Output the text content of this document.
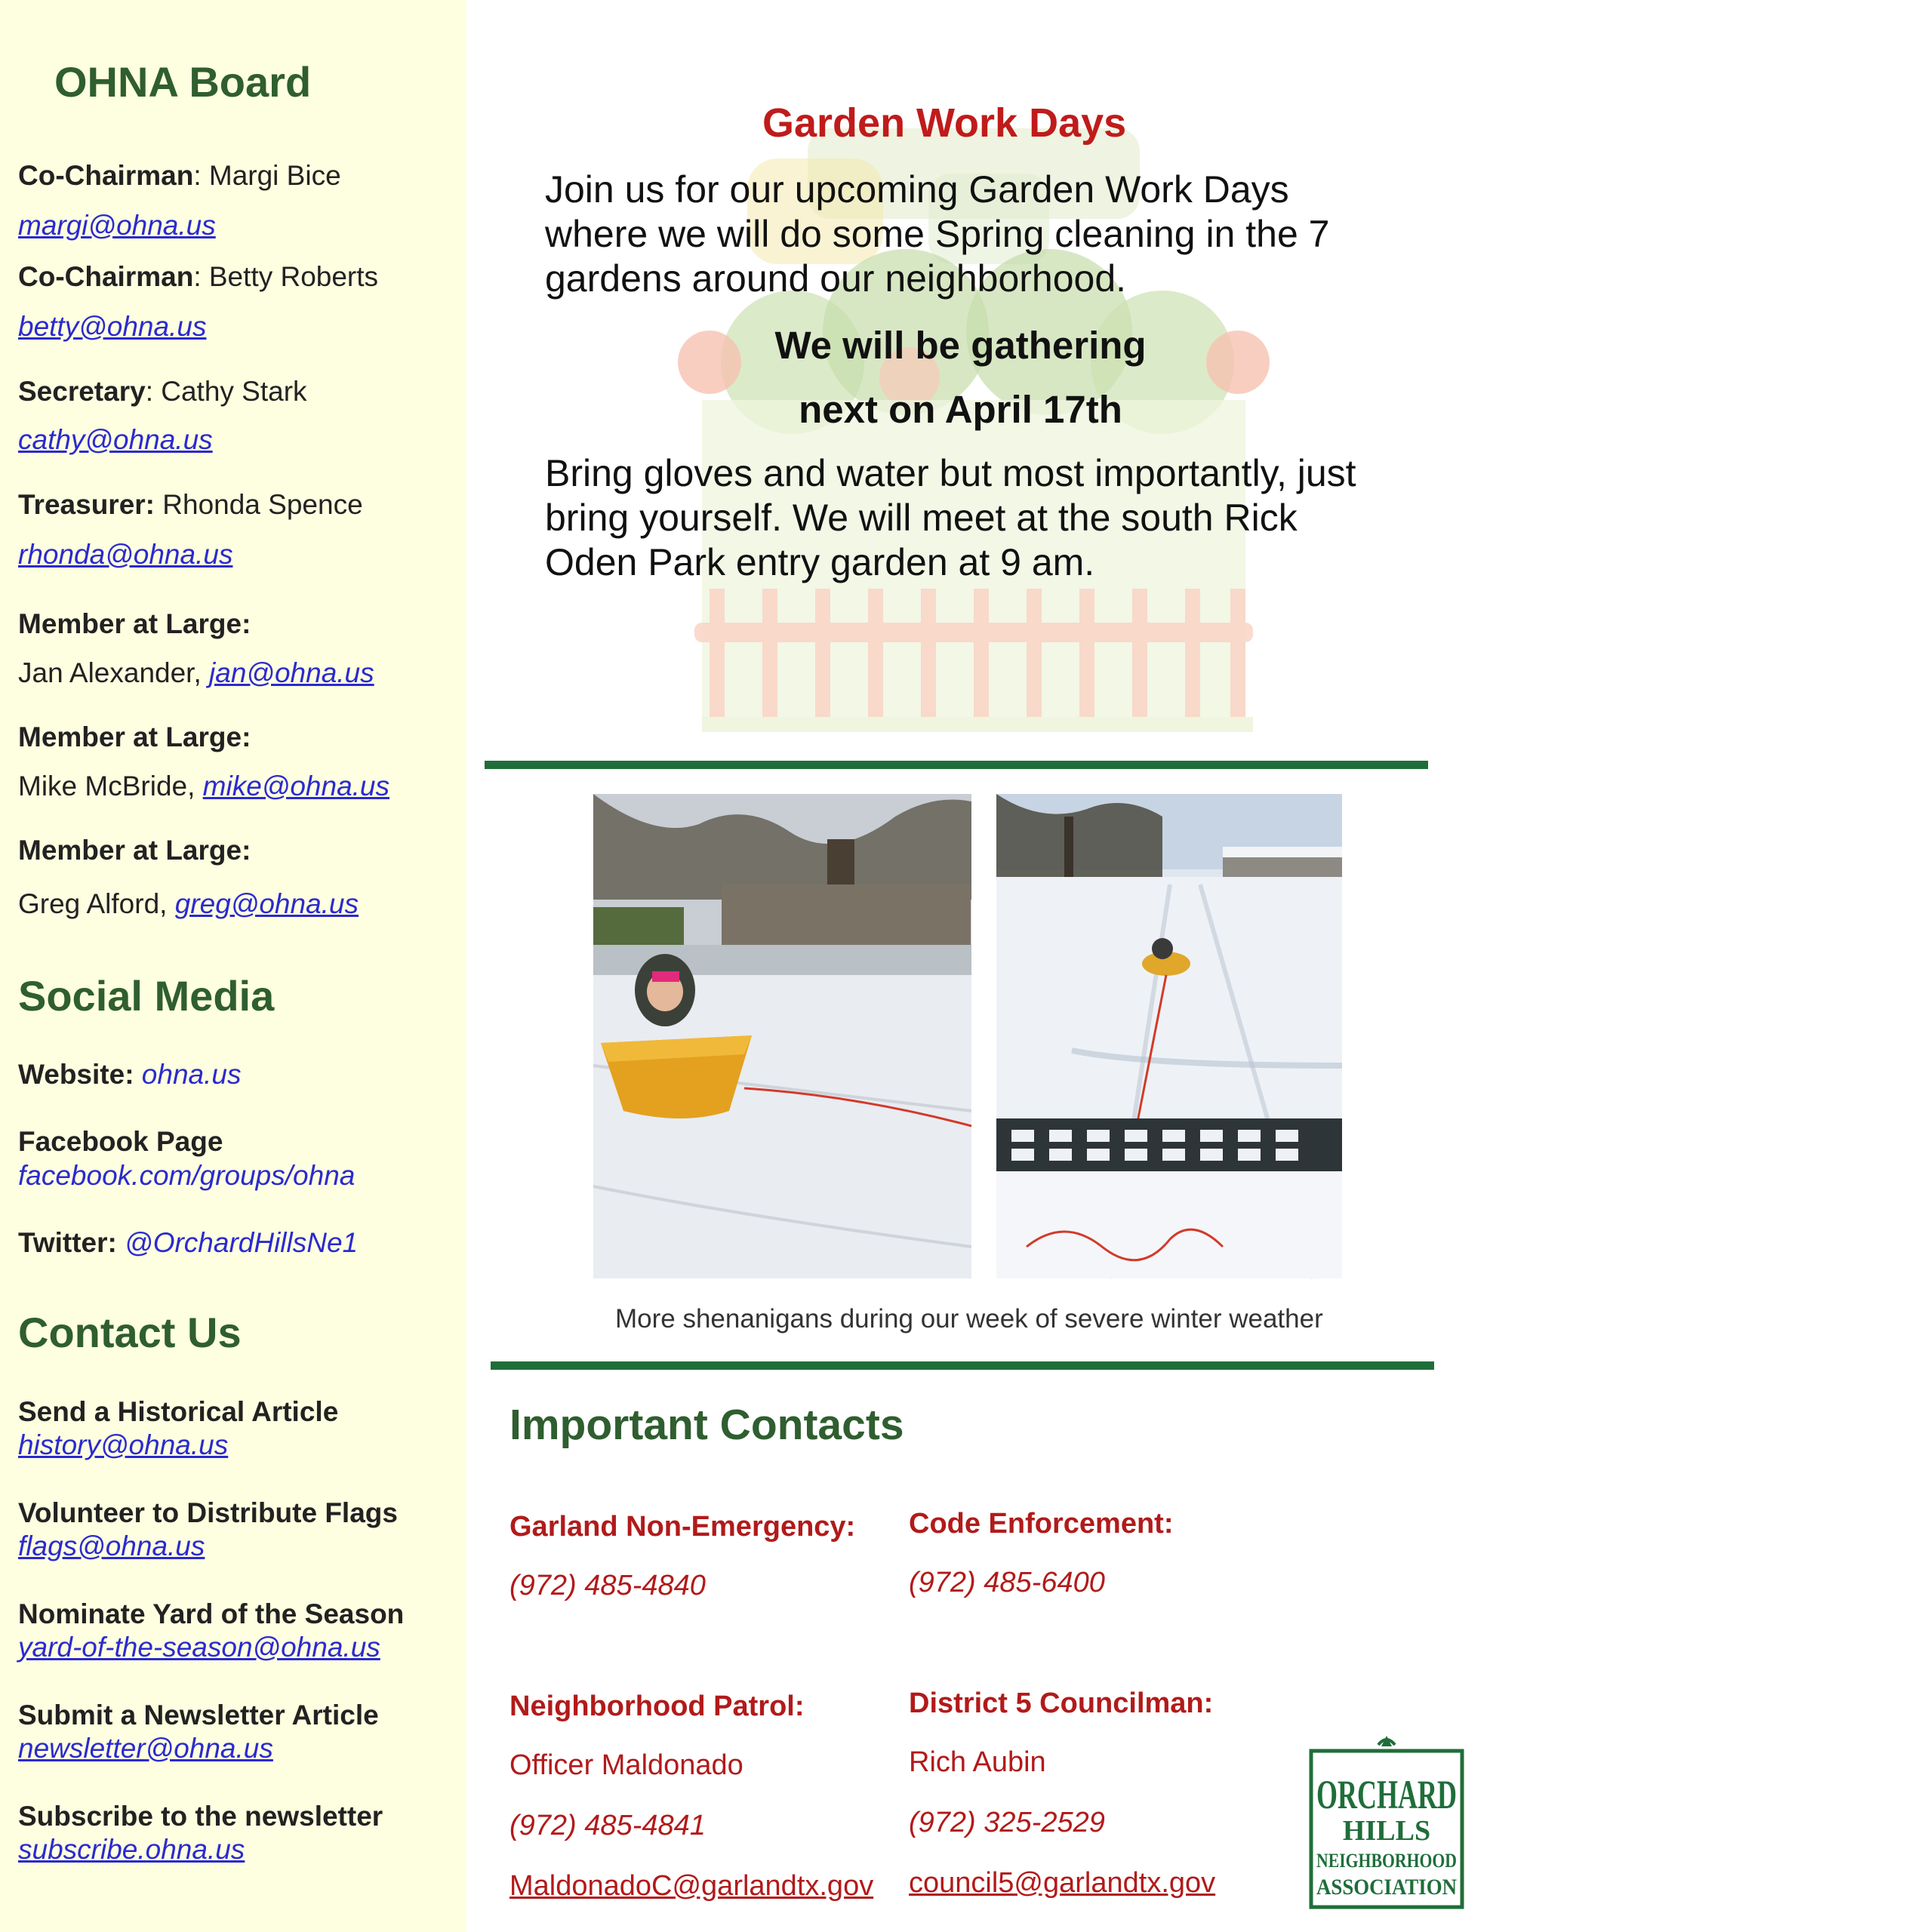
OHNA Board
Co-Chairman: Margi Bice
margi@ohna.us
Co-Chairman: Betty Roberts
betty@ohna.us
Secretary: Cathy Stark
cathy@ohna.us
Treasurer: Rhonda Spence
rhonda@ohna.us
Member at Large:
Jan Alexander, jan@ohna.us
Member at Large:
Mike McBride, mike@ohna.us
Member at Large:
Greg Alford, greg@ohna.us
Social Media
Website: ohna.us
Facebook Page
facebook.com/groups/ohna
Twitter: @OrchardHillsNe1
Contact Us
Send a Historical Article
history@ohna.us
Volunteer to Distribute Flags
flags@ohna.us
Nominate Yard of the Season
yard-of-the-season@ohna.us
Submit a Newsletter Article
newsletter@ohna.us
Subscribe to the newsletter
subscribe.ohna.us
Garden Work Days
Join us for our upcoming Garden Work Days where we will do some Spring cleaning in the 7 gardens around our neighborhood.
We will be gathering
next on April 17th
Bring gloves and water but most importantly, just bring yourself. We will meet at the south Rick Oden Park entry garden at 9 am.
More shenanigans during our week of severe winter weather
Important Contacts
Garland Non-Emergency:
(972) 485-4840
Code Enforcement:
(972) 485-6400
Neighborhood Patrol:
Officer Maldonado
(972) 485-4841
MaldonadoC@garlandtx.gov
District 5 Councilman:
Rich Aubin
(972) 325-2529
council5@garlandtx.gov
ORCHARD
HILLS
NEIGHBORHOOD
ASSOCIATION
